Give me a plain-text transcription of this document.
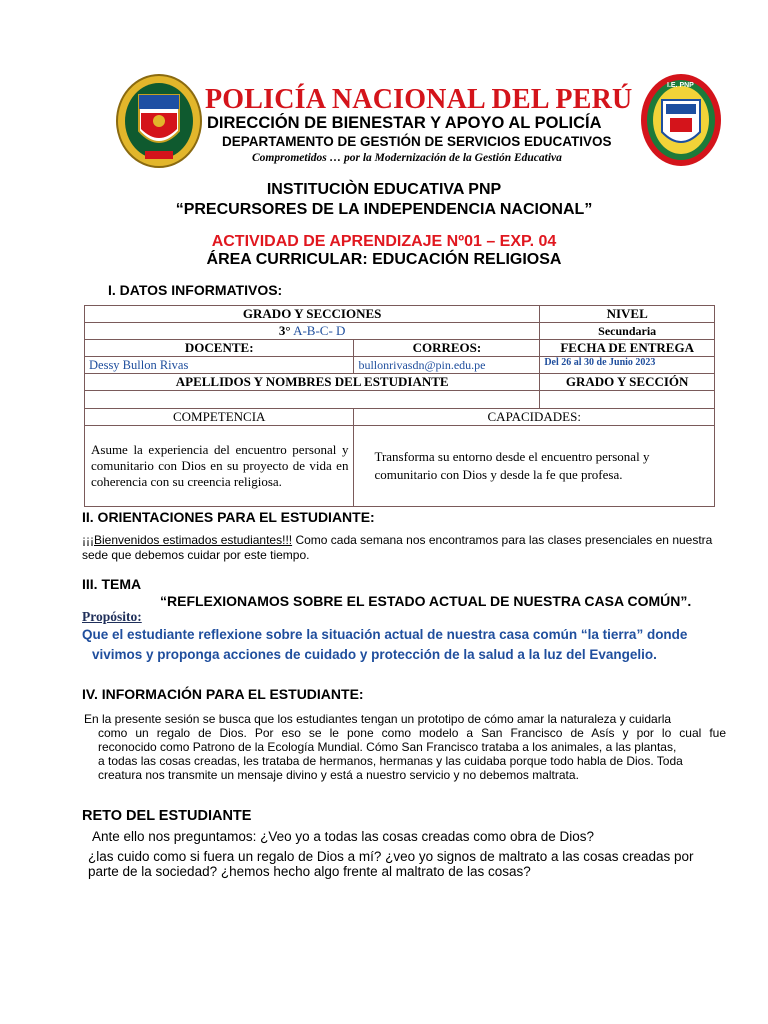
I.E. PNP
POLICÍA NACIONAL DEL PERÚ
DIRECCIÓN DE BIENESTAR Y APOYO AL POLICÍA
DEPARTAMENTO DE GESTIÓN DE SERVICIOS EDUCATIVOS
Comprometidos … por la Modernización de la Gestión Educativa
INSTITUCIÒN EDUCATIVA PNP
“PRECURSORES DE LA INDEPENDENCIA NACIONAL”
ACTIVIDAD DE APRENDIZAJE Nº01 – EXP. 04
ÁREA CURRICULAR: EDUCACIÓN RELIGIOSA
I. DATOS INFORMATIVOS:
GRADO Y SECCIONES		NIVEL
3° A-B-C- D		Secundaria
DOCENTE:	CORREOS:	FECHA DE ENTREGA
Dessy Bullon Rivas	bullonrivasdn@pin.edu.pe	Del 26 al 30 de Junio 2023
APELLIDOS Y NOMBRES DEL ESTUDIANTE		GRADO Y SECCIÓN

COMPETENCIA	CAPACIDADES:	
Asume la experiencia del encuentro personal y comunitario con Dios en su proyecto de vida en coherencia con su creencia religiosa.	Transforma su entorno desde el encuentro personal y comunitario con Dios y desde la fe que profesa.	
II. ORIENTACIONES PARA EL ESTUDIANTE:
¡¡¡Bienvenidos estimados estudiantes!!! Como cada semana nos encontramos para las clases presenciales en nuestra sede que debemos cuidar por este tiempo.
III. TEMA
“REFLEXIONAMOS SOBRE EL ESTADO ACTUAL DE NUESTRA CASA COMÚN”.
Propósito:
Que el estudiante reflexione sobre la situación actual de nuestra casa común “la tierra” donde
vivimos y proponga acciones de cuidado y protección de la salud a la luz del Evangelio.
IV. INFORMACIÓN PARA EL ESTUDIANTE:
En la presente sesión se busca que los estudiantes tengan un prototipo de cómo amar la naturaleza y cuidarla
como un regalo de Dios. Por eso se le pone como modelo a San Francisco de Asís y por lo cual fue
reconocido como Patrono de la Ecología Mundial. Cómo San Francisco trataba a los animales, a las plantas,
a todas las cosas creadas, les trataba de hermanos, hermanas y las cuidaba porque todo habla de Dios. Toda
creatura nos transmite un mensaje divino y está a nuestro servicio y no debemos maltrata.
RETO DEL ESTUDIANTE
Ante ello nos preguntamos: ¿Veo yo a todas las cosas creadas como obra de Dios?
¿las cuido como si fuera un regalo de Dios a mí? ¿veo yo signos de maltrato a las cosas creadas por
parte de la sociedad? ¿hemos hecho algo frente al maltrato de las cosas?
